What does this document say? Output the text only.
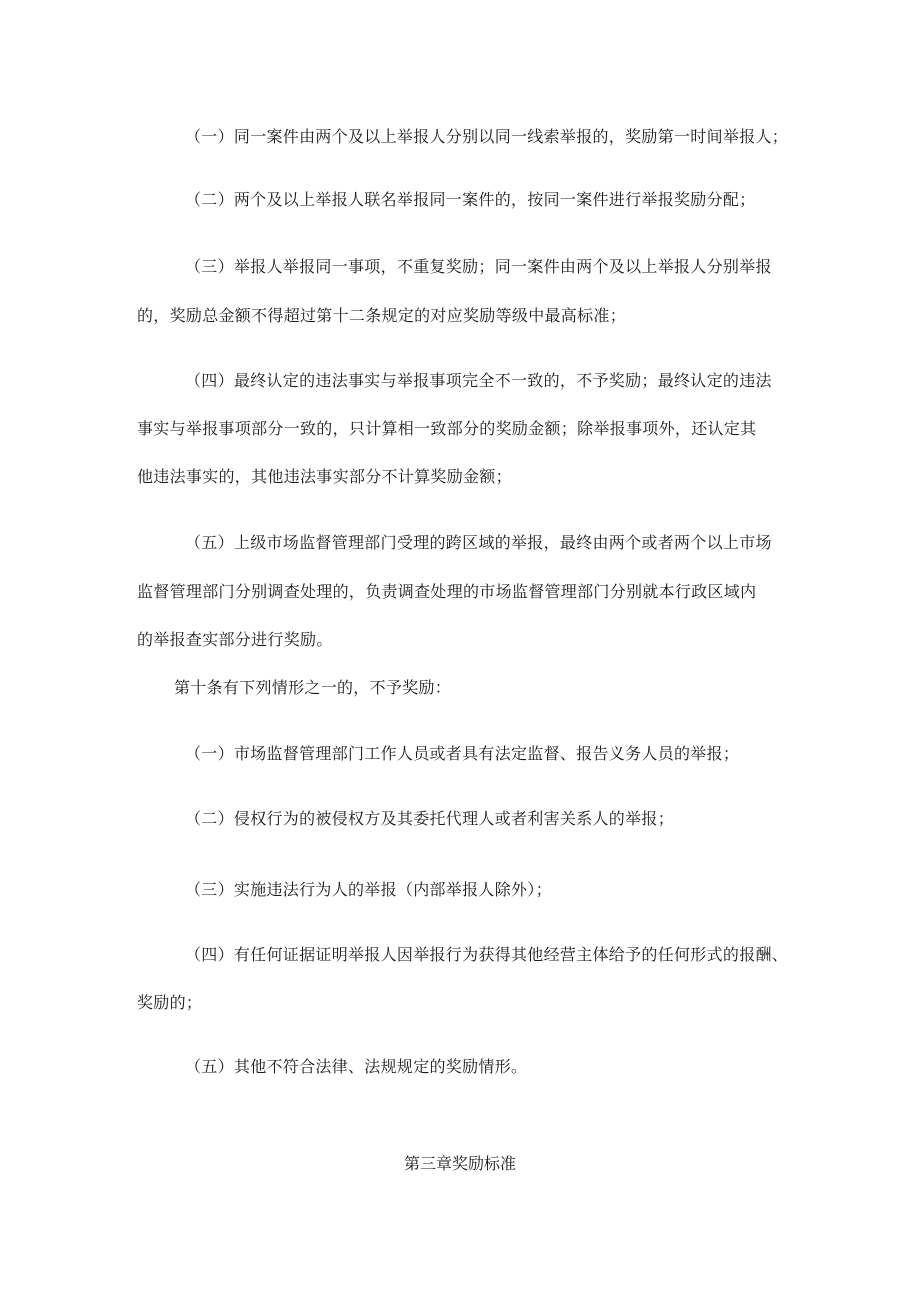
（一）同一案件由两个及以上举报人分别以同一线索举报的，奖励第一时间举报人；
（二）两个及以上举报人联名举报同一案件的，按同一案件进行举报奖励分配；
（三）举报人举报同一事项，不重复奖励；同一案件由两个及以上举报人分别举报
的，奖励总金额不得超过第十二条规定的对应奖励等级中最高标准；
（四）最终认定的违法事实与举报事项完全不一致的，不予奖励；最终认定的违法
事实与举报事项部分一致的，只计算相一致部分的奖励金额；除举报事项外，还认定其
他违法事实的，其他违法事实部分不计算奖励金额；
（五）上级市场监督管理部门受理的跨区域的举报，最终由两个或者两个以上市场
监督管理部门分别调查处理的，负责调查处理的市场监督管理部门分别就本行政区域内
的举报查实部分进行奖励。
第十条有下列情形之一的，不予奖励：
（一）市场监督管理部门工作人员或者具有法定监督、报告义务人员的举报；
（二）侵权行为的被侵权方及其委托代理人或者利害关系人的举报；
（三）实施违法行为人的举报（内部举报人除外）；
（四）有任何证据证明举报人因举报行为获得其他经营主体给予的任何形式的报酬、
奖励的；
（五）其他不符合法律、法规规定的奖励情形。
第三章奖励标准
